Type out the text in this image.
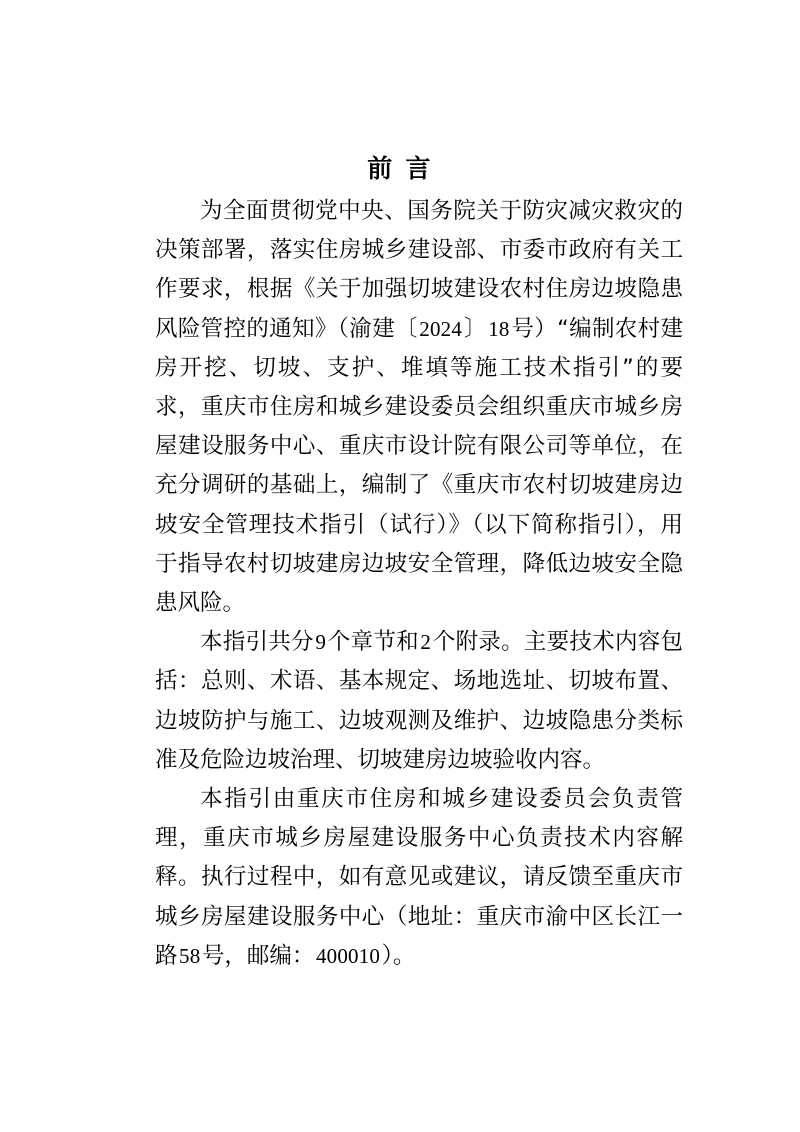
前 言

为全面贯彻党中央、国务院关于防灾减灾救灾的决策部署，落实住房城乡建设部、市委市政府有关工作要求，根据《关于加强切坡建设农村住房边坡隐患风险管控的通知》（渝建〔2024〕18号）“编制农村建房开挖、切坡、支护、堆填等施工技术指引”的要求，重庆市住房和城乡建设委员会组织重庆市城乡房屋建设服务中心、重庆市设计院有限公司等单位，在充分调研的基础上，编制了《重庆市农村切坡建房边坡安全管理技术指引（试行）》（以下简称指引），用于指导农村切坡建房边坡安全管理，降低边坡安全隐患风险。

本指引共分9个章节和2个附录。主要技术内容包括：总则、术语、基本规定、场地选址、切坡布置、边坡防护与施工、边坡观测及维护、边坡隐患分类标准及危险边坡治理、切坡建房边坡验收内容。

本指引由重庆市住房和城乡建设委员会负责管理，重庆市城乡房屋建设服务中心负责技术内容解释。执行过程中，如有意见或建议，请反馈至重庆市城乡房屋建设服务中心（地址：重庆市渝中区长江一路58号，邮编：400010）。
